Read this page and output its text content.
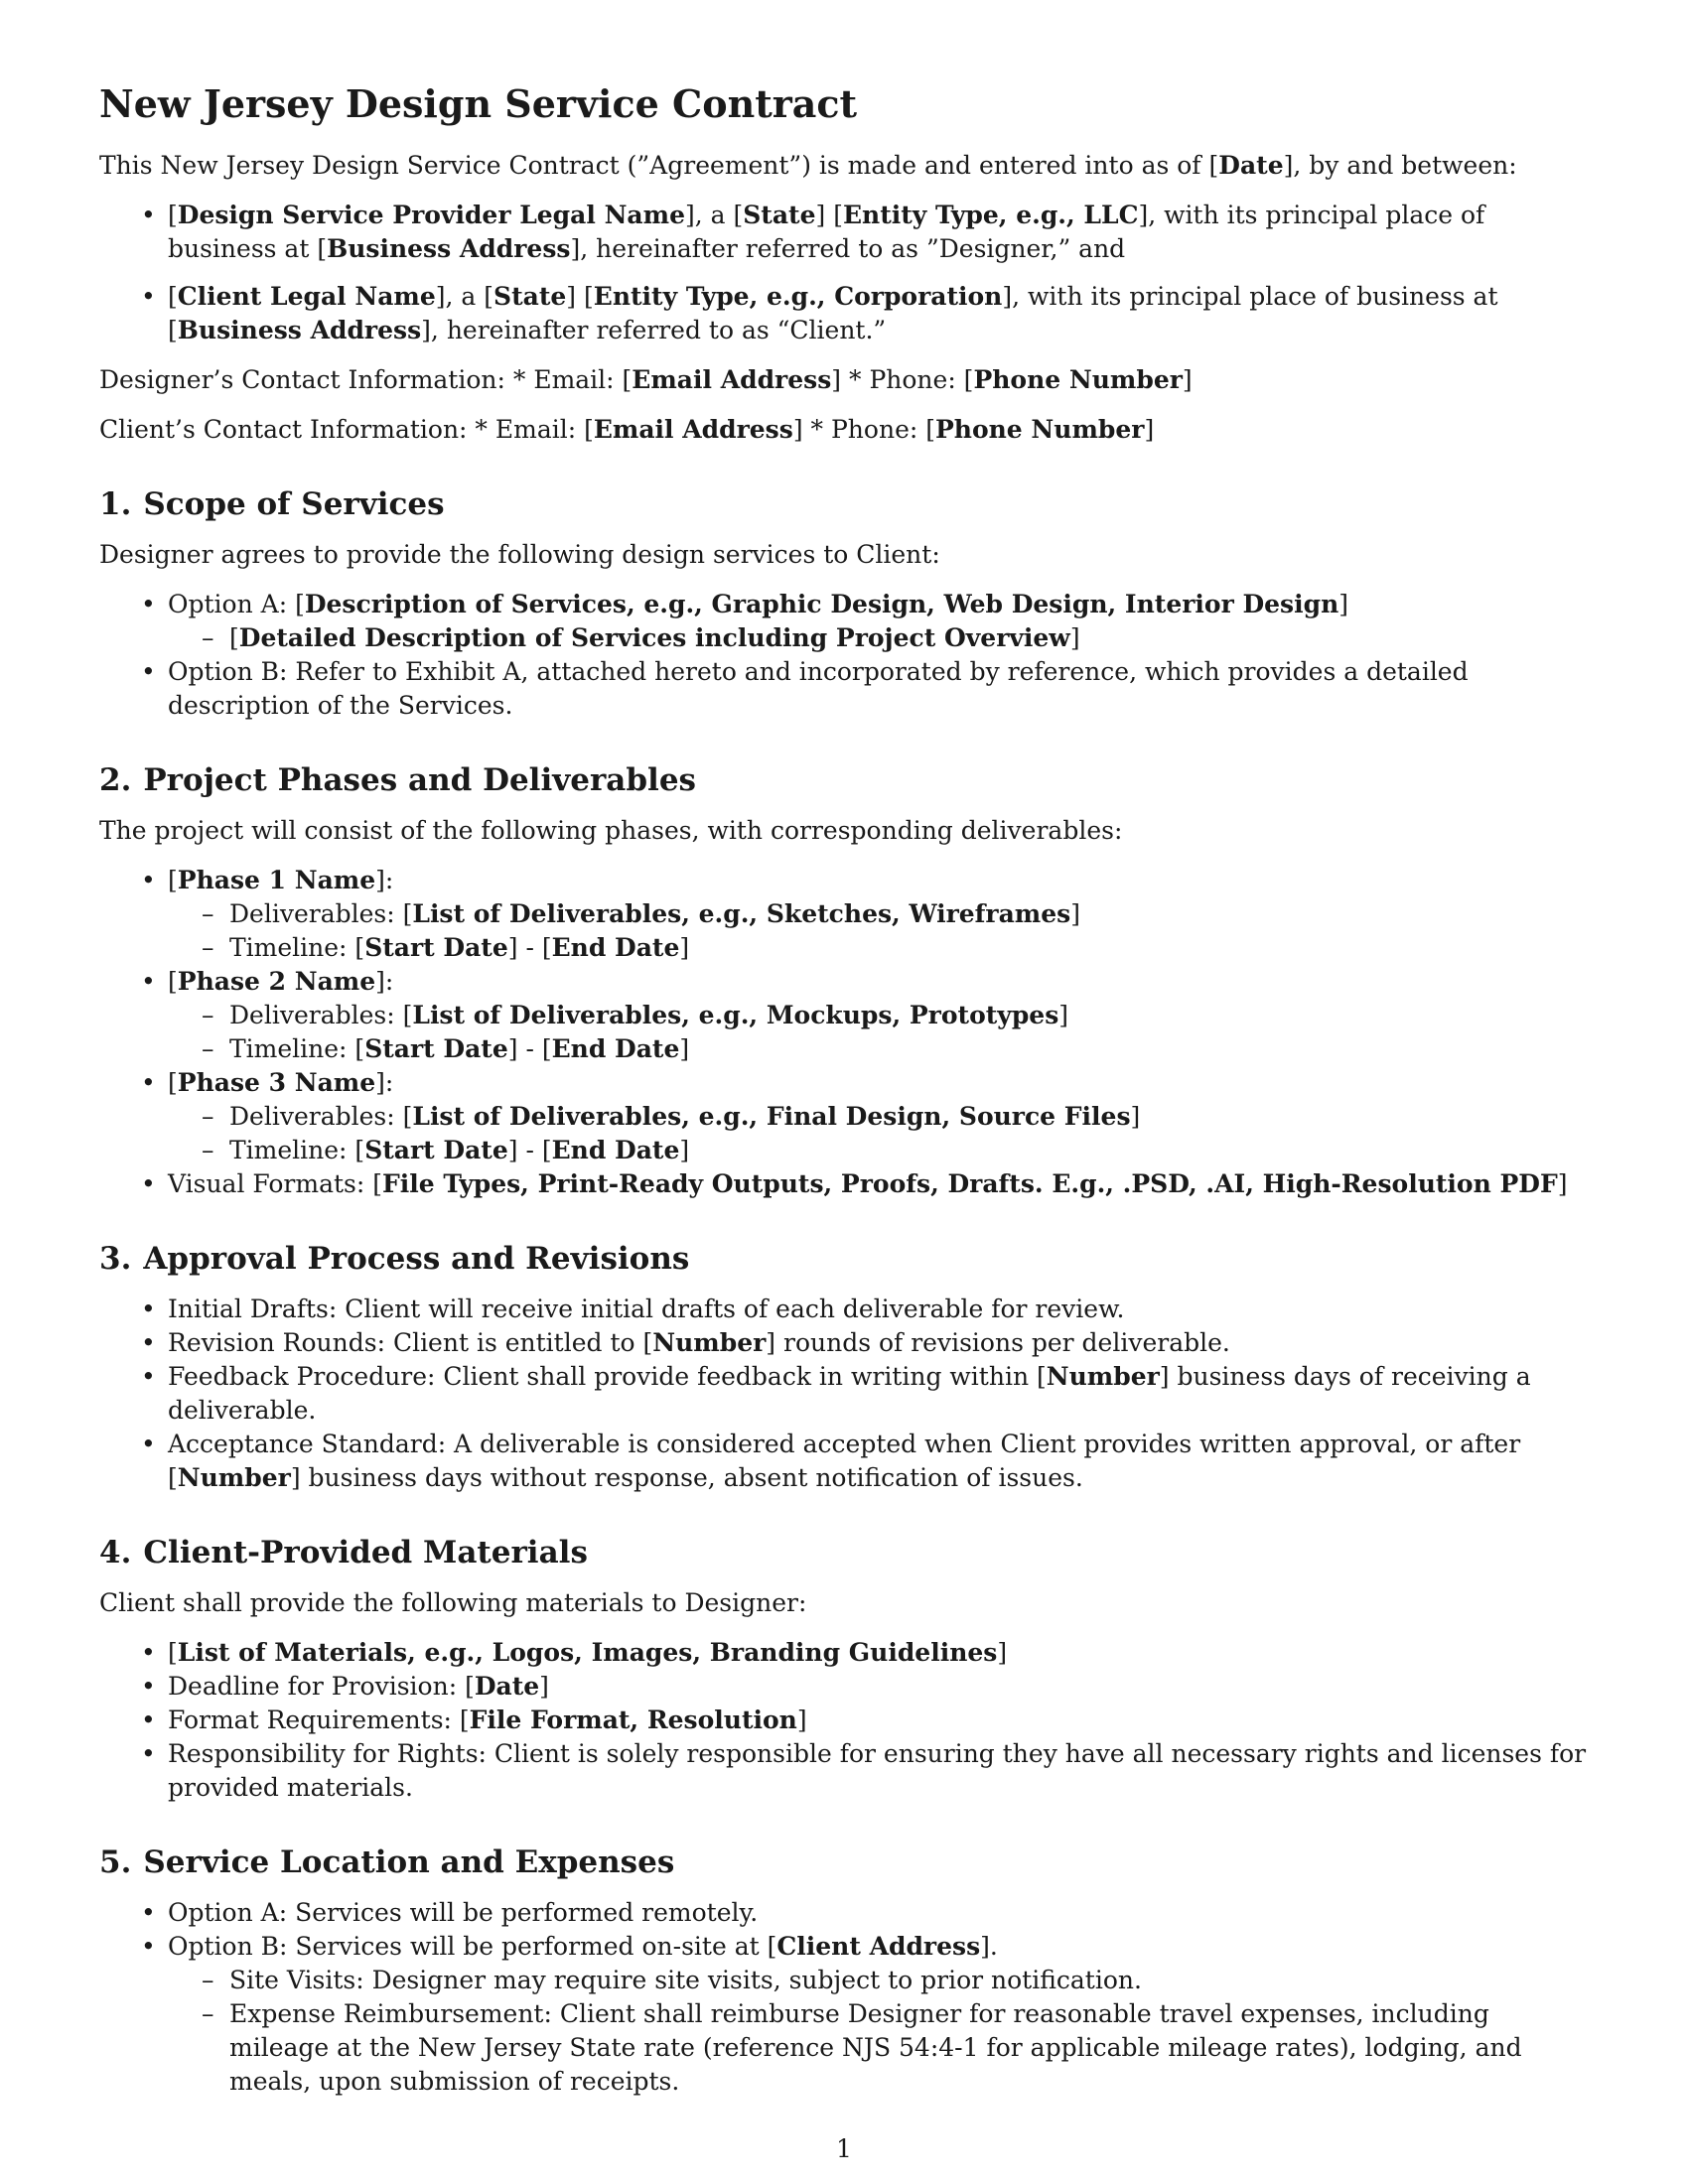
New Jersey Design Service Contract

This New Jersey Design Service Contract (”Agreement”) is made and entered into as of [Date], by and between:

• [Design Service Provider Legal Name], a [State] [Entity Type, e.g., LLC], with its principal place of business at [Business Address], hereinafter referred to as ”Designer,” and
• [Client Legal Name], a [State] [Entity Type, e.g., Corporation], with its principal place of business at [Business Address], hereinafter referred to as “Client.”

Designer’s Contact Information: * Email: [Email Address] * Phone: [Phone Number]

Client’s Contact Information: * Email: [Email Address] * Phone: [Phone Number]

1. Scope of Services

Designer agrees to provide the following design services to Client:

• Option A: [Description of Services, e.g., Graphic Design, Web Design, Interior Design]
– [Detailed Description of Services including Project Overview]
• Option B: Refer to Exhibit A, attached hereto and incorporated by reference, which provides a detailed description of the Services.
2. Project Phases and Deliverables

The project will consist of the following phases, with corresponding deliverables:

• [Phase 1 Name]:
– Deliverables: [List of Deliverables, e.g., Sketches, Wireframes]
– Timeline: [Start Date] - [End Date]
• [Phase 2 Name]:
– Deliverables: [List of Deliverables, e.g., Mockups, Prototypes]
– Timeline: [Start Date] - [End Date]
• [Phase 3 Name]:
– Deliverables: [List of Deliverables, e.g., Final Design, Source Files]
– Timeline: [Start Date] - [End Date]
• Visual Formats: [File Types, Print-Ready Outputs, Proofs, Drafts. E.g., .PSD, .AI, High-Resolution PDF]
3. Approval Process and Revisions
• Initial Drafts: Client will receive initial drafts of each deliverable for review.
• Revision Rounds: Client is entitled to [Number] rounds of revisions per deliverable.
• Feedback Procedure: Client shall provide feedback in writing within [Number] business days of receiving a deliverable.
• Acceptance Standard: A deliverable is considered accepted when Client provides written approval, or after [Number] business days without response, absent notification of issues.
4. Client-Provided Materials

Client shall provide the following materials to Designer:

• [List of Materials, e.g., Logos, Images, Branding Guidelines]
• Deadline for Provision: [Date]
• Format Requirements: [File Format, Resolution]
• Responsibility for Rights: Client is solely responsible for ensuring they have all necessary rights and licenses for provided materials.
5. Service Location and Expenses
• Option A: Services will be performed remotely.
• Option B: Services will be performed on-site at [Client Address].
– Site Visits: Designer may require site visits, subject to prior notification.
– Expense Reimbursement: Client shall reimburse Designer for reasonable travel expenses, including mileage at the New Jersey State rate (reference NJS 54:4-1 for applicable mileage rates), lodging, and meals, upon submission of receipts.
1
